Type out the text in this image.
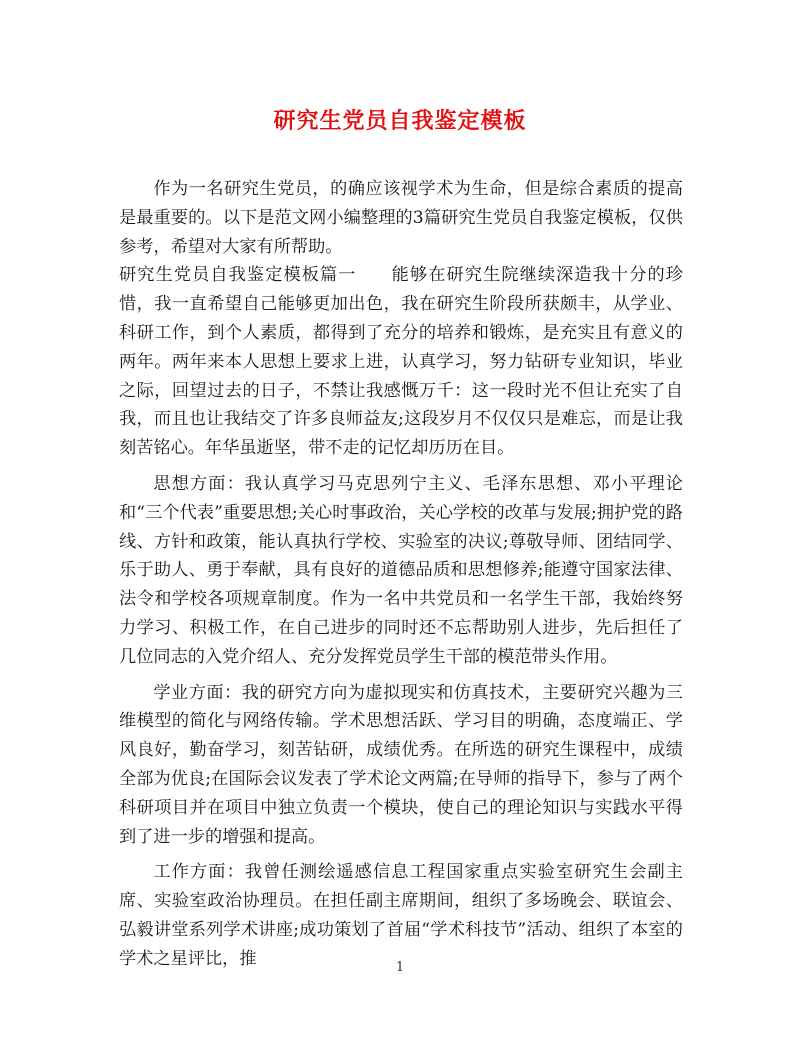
研究生党员自我鉴定模板

作为一名研究生党员，的确应该视学术为生命，但是综合素质的提高是最重要的。以下是范文网小编整理的3篇研究生党员自我鉴定模板，仅供参考，希望对大家有所帮助。

研究生党员自我鉴定模板篇一 能够在研究生院继续深造我十分的珍惜，我一直希望自己能够更加出色，我在研究生阶段所获颇丰，从学业、科研工作，到个人素质，都得到了充分的培养和锻炼，是充实且有意义的两年。两年来本人思想上要求上进，认真学习，努力钻研专业知识，毕业之际，回望过去的日子，不禁让我感慨万千：这一段时光不但让充实了自我，而且也让我结交了许多良师益友;这段岁月不仅仅只是难忘，而是让我刻苦铭心。年华虽逝坚，带不走的记忆却历历在目。

思想方面：我认真学习马克思列宁主义、毛泽东思想、邓小平理论和“三个代表”重要思想;关心时事政治，关心学校的改革与发展;拥护党的路线、方针和政策，能认真执行学校、实验室的决议;尊敬导师、团结同学、乐于助人、勇于奉献，具有良好的道德品质和思想修养;能遵守国家法律、法令和学校各项规章制度。作为一名中共党员和一名学生干部，我始终努力学习、积极工作，在自己进步的同时还不忘帮助别人进步，先后担任了几位同志的入党介绍人、充分发挥党员学生干部的模范带头作用。

学业方面：我的研究方向为虚拟现实和仿真技术，主要研究兴趣为三维模型的简化与网络传输。学术思想活跃、学习目的明确，态度端正、学风良好，勤奋学习，刻苦钻研，成绩优秀。在所选的研究生课程中，成绩全部为优良;在国际会议发表了学术论文两篇;在导师的指导下，参与了两个科研项目并在项目中独立负责一个模块，使自己的理论知识与实践水平得到了进一步的增强和提高。

工作方面：我曾任测绘遥感信息工程国家重点实验室研究生会副主席、实验室政治协理员。在担任副主席期间，组织了多场晚会、联谊会、弘毅讲堂系列学术讲座;成功策划了首届“学术科技节”活动、组织了本室的学术之星评比，推	1
